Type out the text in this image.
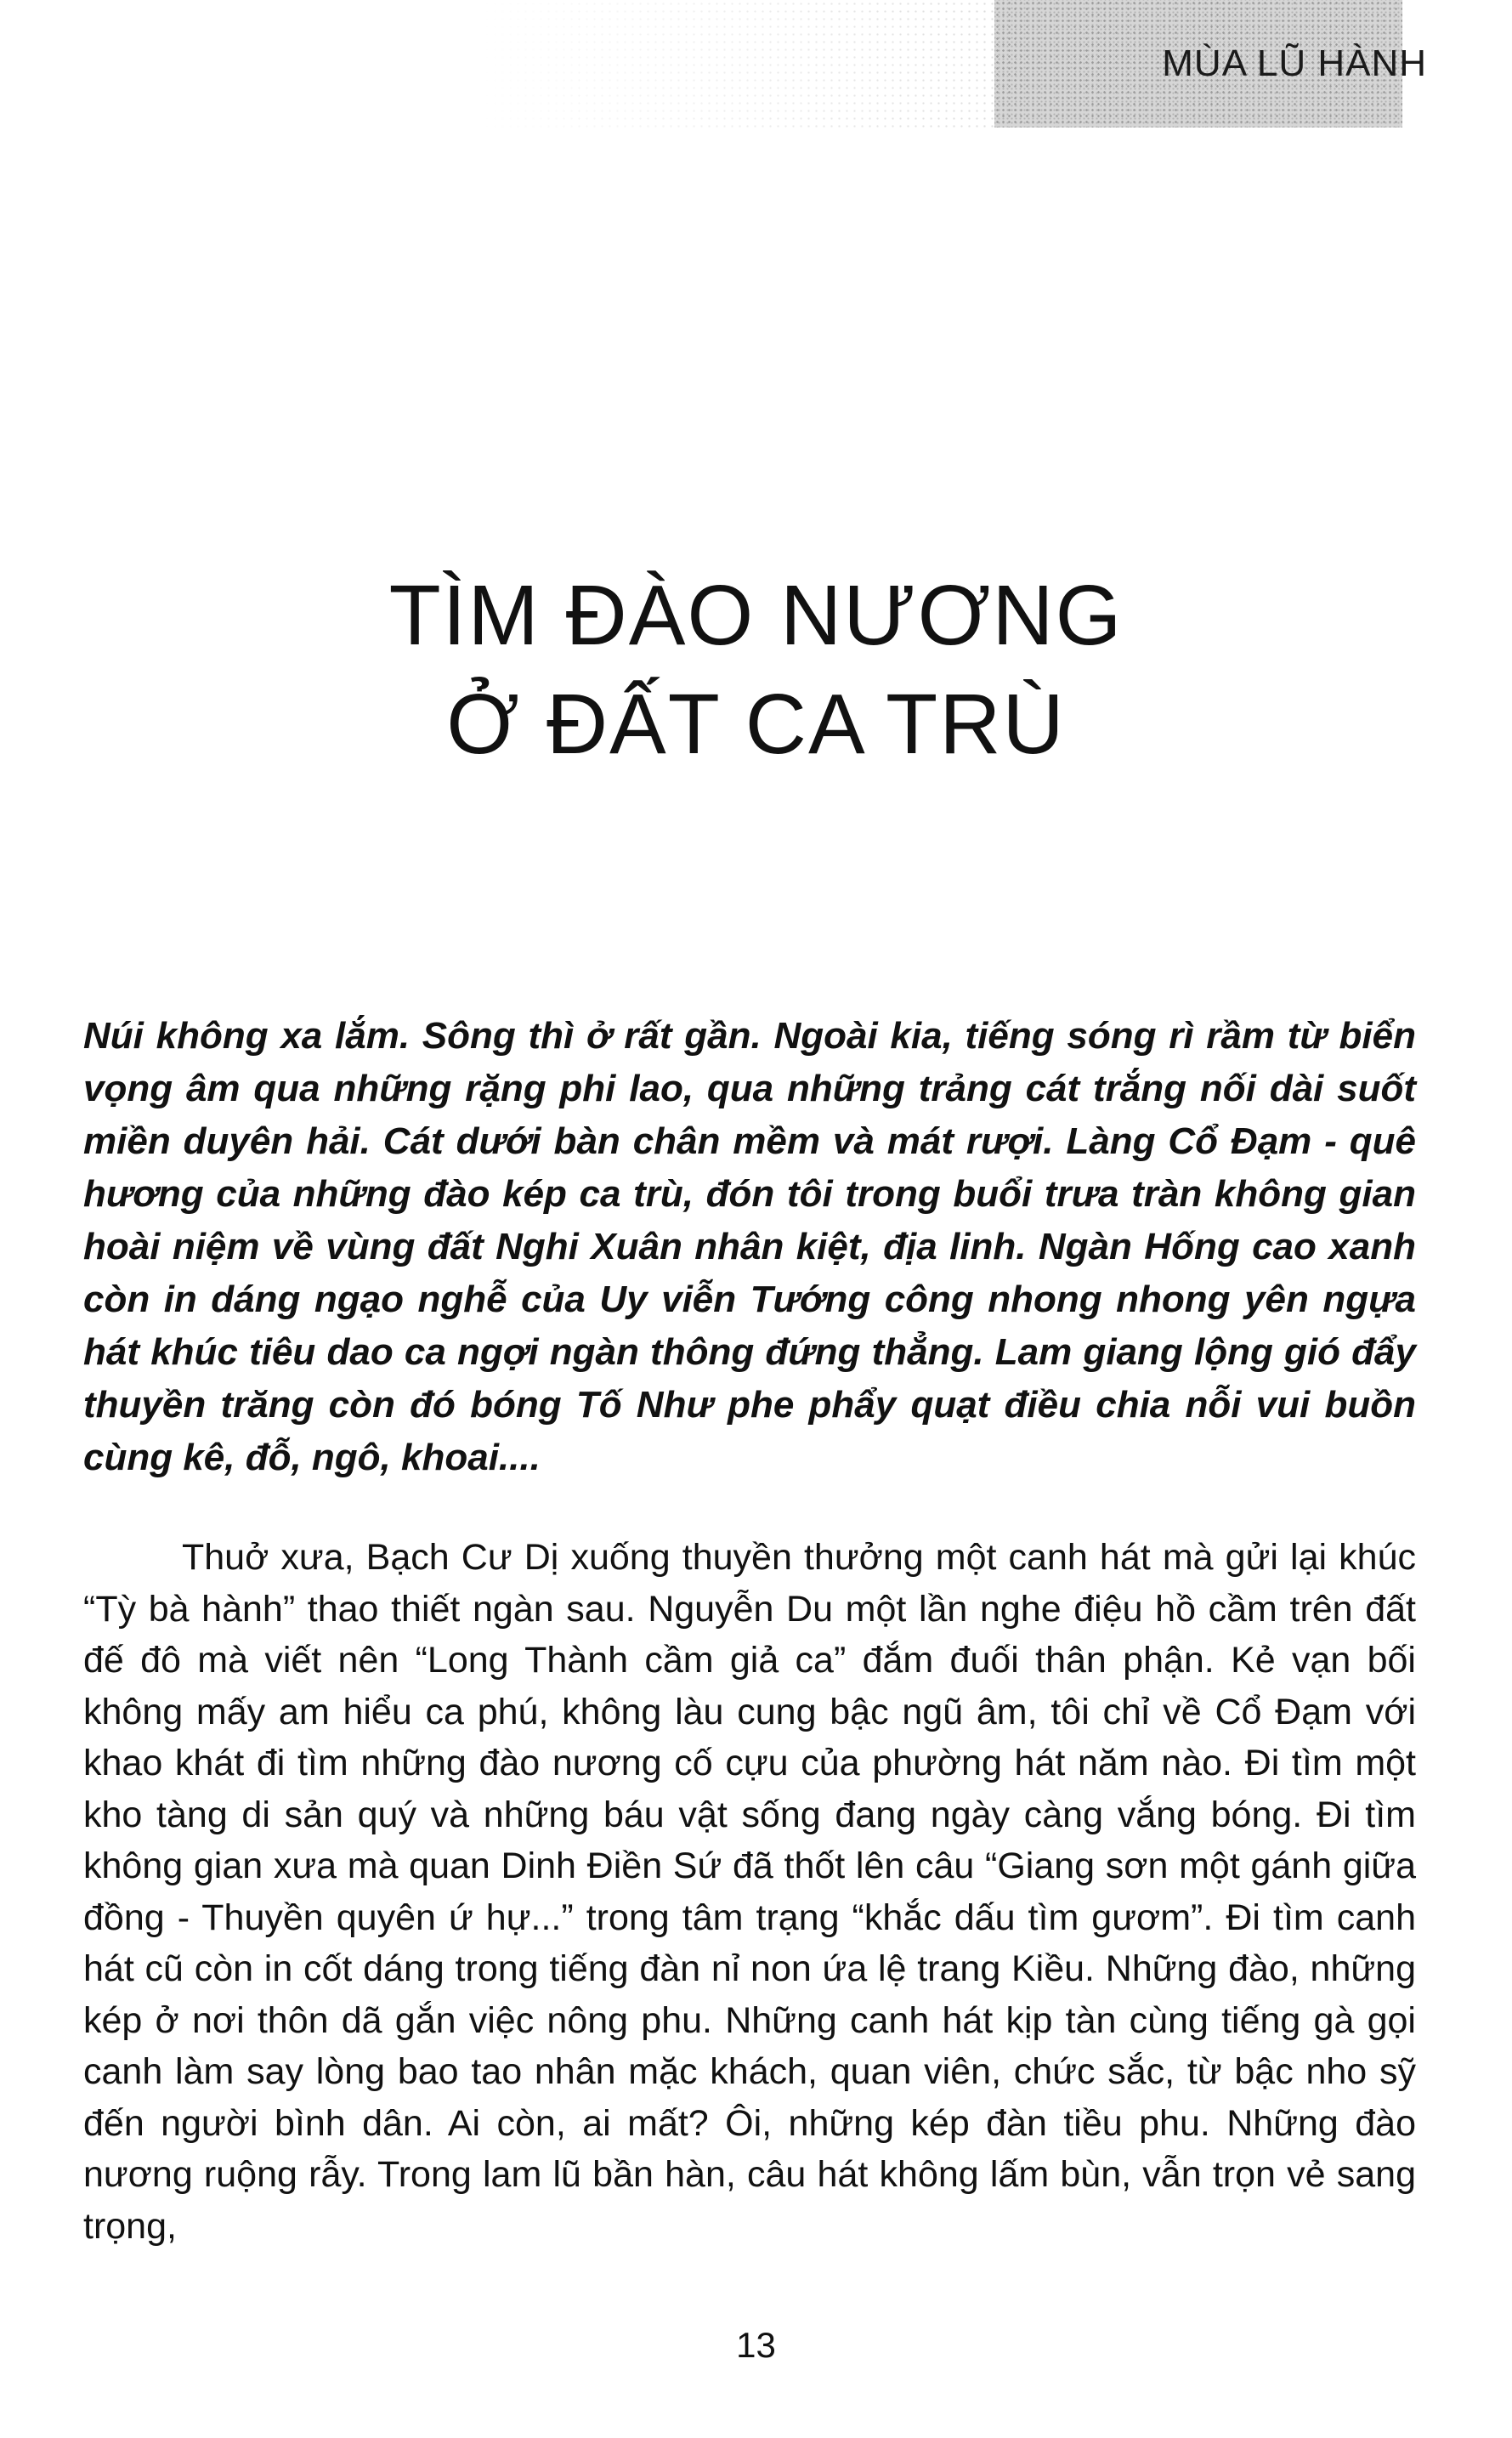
MÙA LŨ HÀNH
TÌM ĐÀO NƯƠNG
Ở ĐẤT CA TRÙ

Núi không xa lắm. Sông thì ở rất gần. Ngoài kia, tiếng sóng rì rầm từ biển vọng âm qua những rặng phi lao, qua những trảng cát trắng nối dài suốt miền duyên hải. Cát dưới bàn chân mềm và mát rượi. Làng Cổ Đạm - quê hương của những đào kép ca trù, đón tôi trong buổi trưa tràn không gian hoài niệm về vùng đất Nghi Xuân nhân kiệt, địa linh. Ngàn Hống cao xanh còn in dáng ngạo nghễ của Uy viễn Tướng công nhong nhong yên ngựa hát khúc tiêu dao ca ngợi ngàn thông đứng thẳng. Lam giang lộng gió đẩy thuyền trăng còn đó bóng Tố Như phe phẩy quạt điều chia nỗi vui buồn cùng kê, đỗ, ngô, khoai....

Thuở xưa, Bạch Cư Dị xuống thuyền thưởng một canh hát mà gửi lại khúc “Tỳ bà hành” thao thiết ngàn sau. Nguyễn Du một lần nghe điệu hồ cầm trên đất đế đô mà viết nên “Long Thành cầm giả ca” đắm đuối thân phận. Kẻ vạn bối không mấy am hiểu ca phú, không làu cung bậc ngũ âm, tôi chỉ về Cổ Đạm với khao khát đi tìm những đào nương cố cựu của phường hát năm nào. Đi tìm một kho tàng di sản quý và những báu vật sống đang ngày càng vắng bóng. Đi tìm không gian xưa mà quan Dinh Điền Sứ đã thốt lên câu “Giang sơn một gánh giữa đồng - Thuyền quyên ứ hự...” trong tâm trạng “khắc dấu tìm gươm”. Đi tìm canh hát cũ còn in cốt dáng trong tiếng đàn nỉ non ứa lệ trang Kiều. Những đào, những kép ở nơi thôn dã gắn việc nông phu. Những canh hát kịp tàn cùng tiếng gà gọi canh làm say lòng bao tao nhân mặc khách, quan viên, chức sắc, từ bậc nho sỹ đến người bình dân. Ai còn, ai mất? Ôi, những kép đàn tiều phu. Những đào nương ruộng rẫy. Trong lam lũ bần hàn, câu hát không lấm bùn, vẫn trọn vẻ sang trọng,

13
